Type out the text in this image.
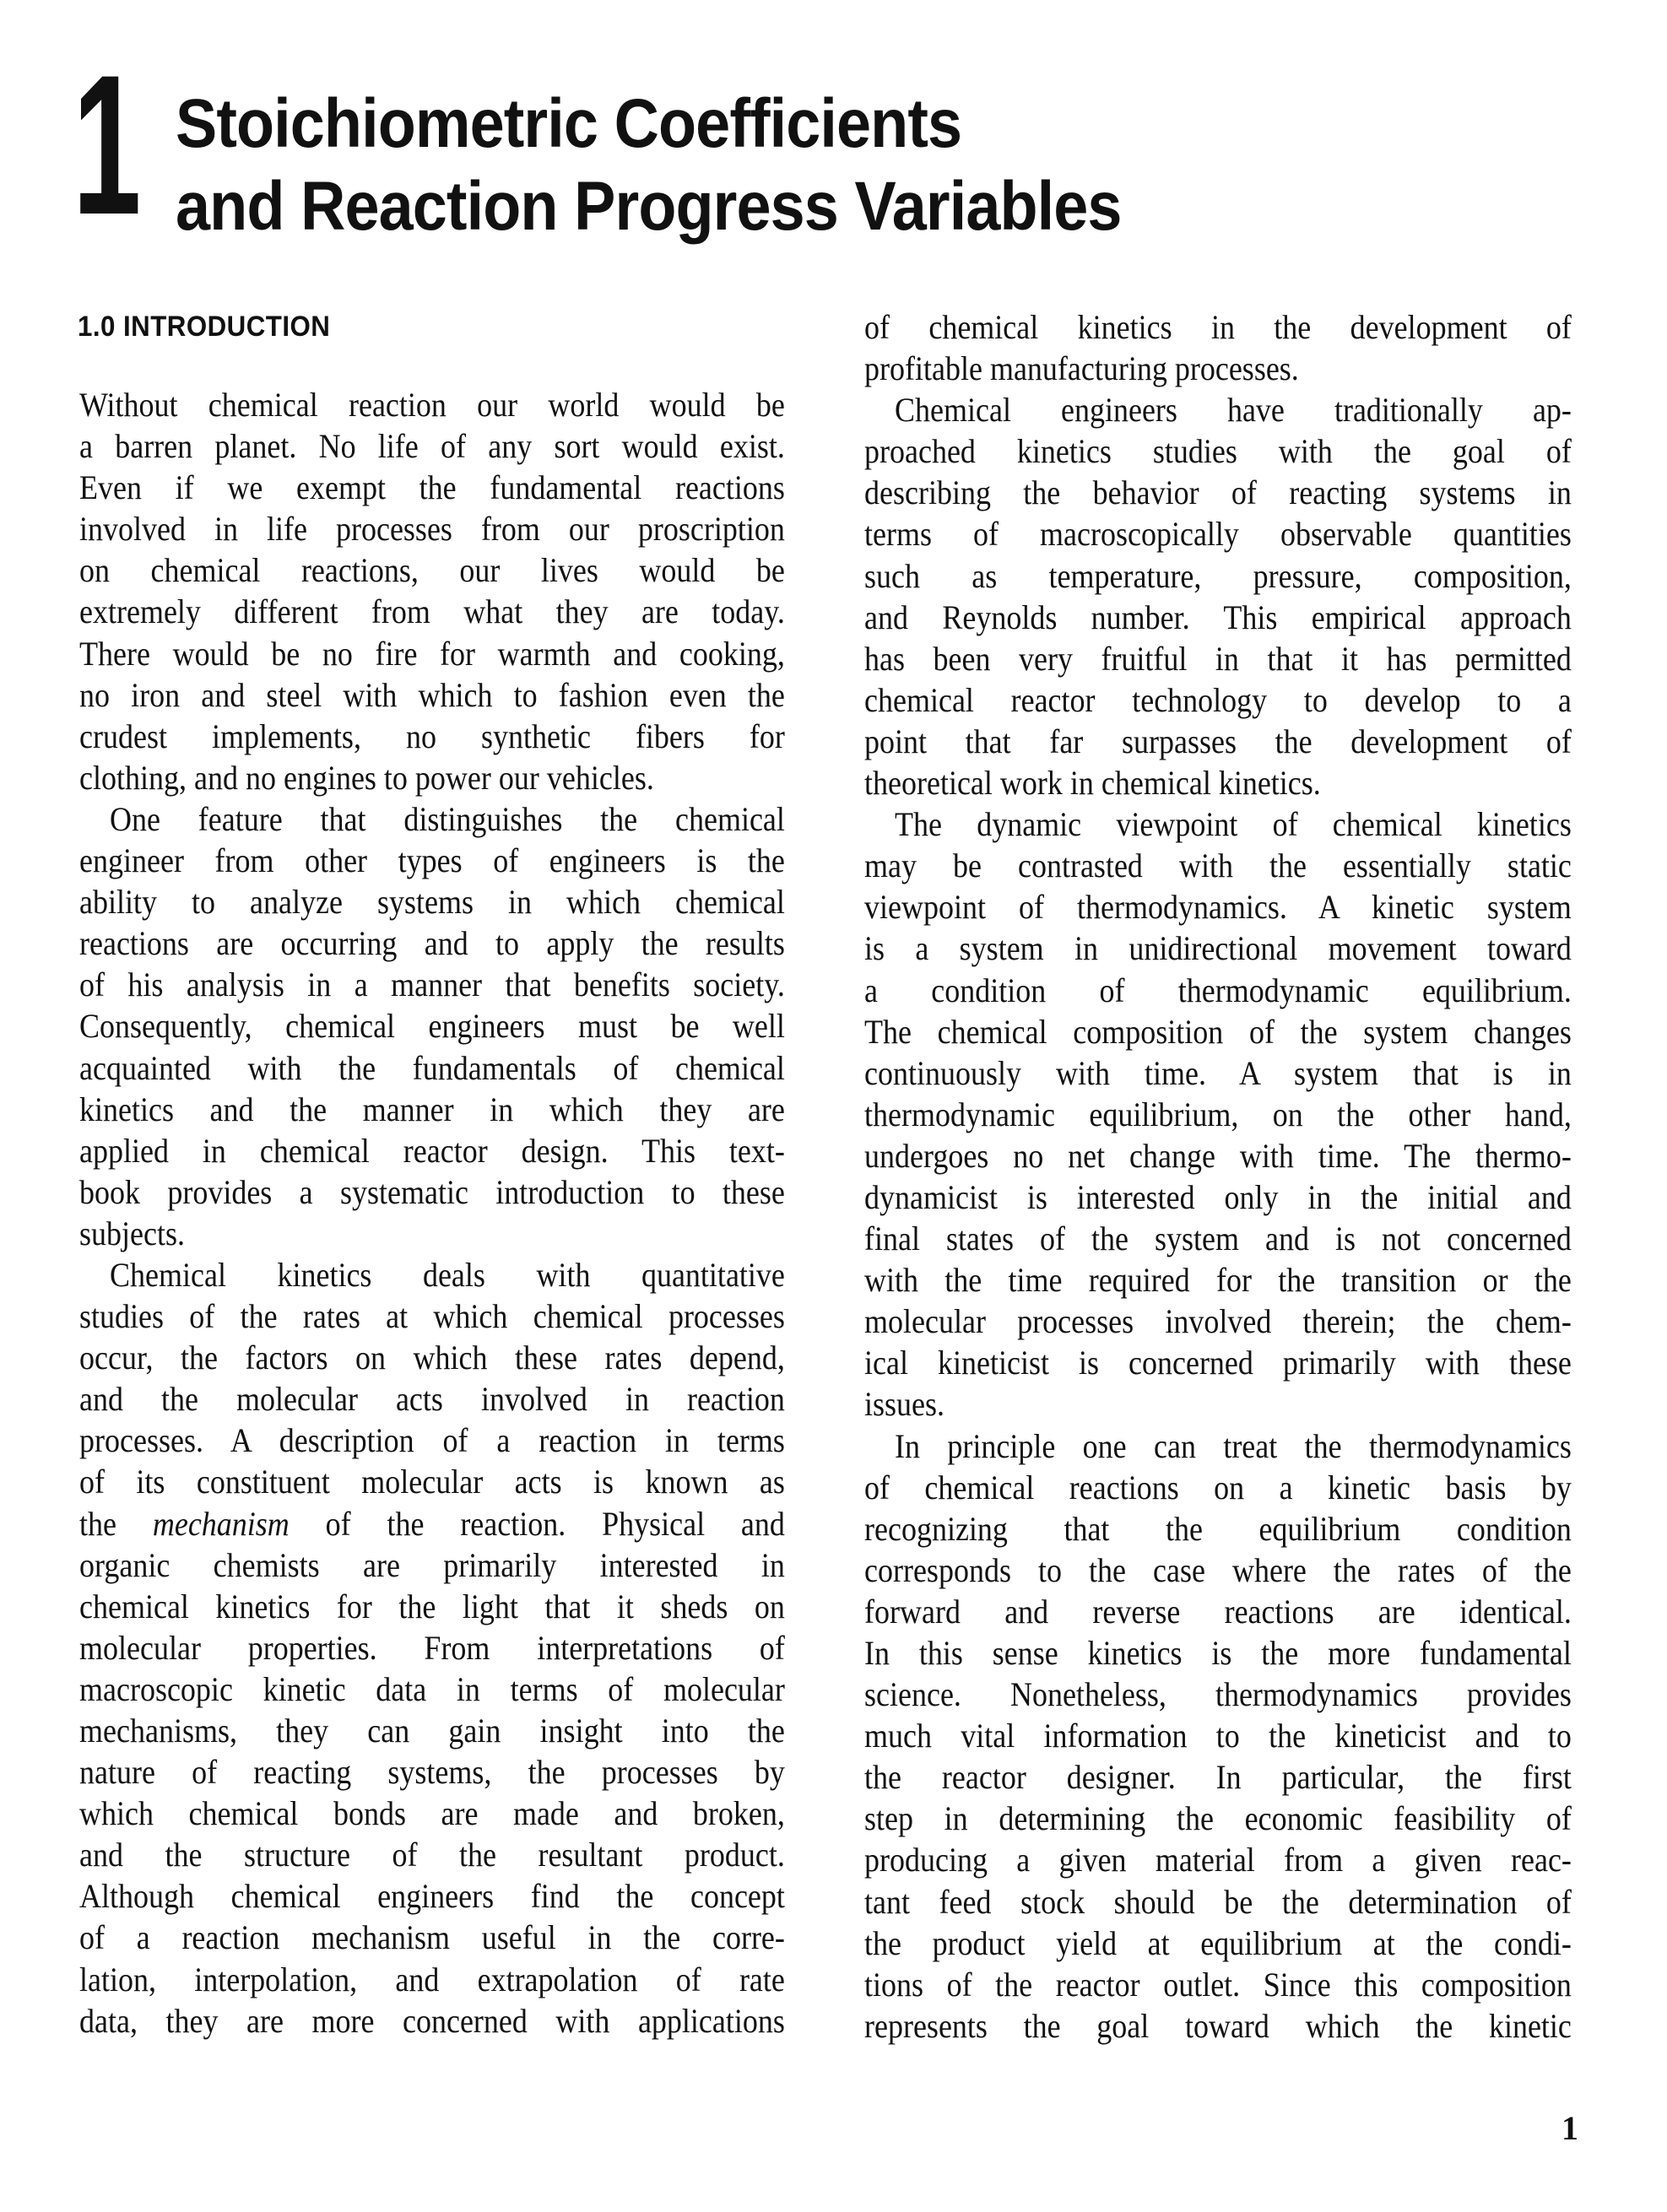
1 Stoichiometric Coefficients
and Reaction Progress Variables
1.0 INTRODUCTION
Without chemical reaction our world would be
a barren planet. No life of any sort would exist.
Even if we exempt the fundamental reactions
involved in life processes from our proscription
on chemical reactions, our lives would be
extremely different from what they are today.
There would be no fire for warmth and cooking,
no iron and steel with which to fashion even the
crudest implements, no synthetic fibers for
clothing, and no engines to power our vehicles.
One feature that distinguishes the chemical
engineer from other types of engineers is the
ability to analyze systems in which chemical
reactions are occurring and to apply the results
of his analysis in a manner that benefits society.
Consequently, chemical engineers must be well
acquainted with the fundamentals of chemical
kinetics and the manner in which they are
applied in chemical reactor design. This text-
book provides a systematic introduction to these
subjects.
Chemical kinetics deals with quantitative
studies of the rates at which chemical processes
occur, the factors on which these rates depend,
and the molecular acts involved in reaction
processes. A description of a reaction in terms
of its constituent molecular acts is known as
the mechanism of the reaction. Physical and
organic chemists are primarily interested in
chemical kinetics for the light that it sheds on
molecular properties. From interpretations of
macroscopic kinetic data in terms of molecular
mechanisms, they can gain insight into the
nature of reacting systems, the processes by
which chemical bonds are made and broken,
and the structure of the resultant product.
Although chemical engineers find the concept
of a reaction mechanism useful in the corre-
lation, interpolation, and extrapolation of rate
data, they are more concerned with applications
of chemical kinetics in the development of
profitable manufacturing processes.
Chemical engineers have traditionally ap-
proached kinetics studies with the goal of
describing the behavior of reacting systems in
terms of macroscopically observable quantities
such as temperature, pressure, composition,
and Reynolds number. This empirical approach
has been very fruitful in that it has permitted
chemical reactor technology to develop to a
point that far surpasses the development of
theoretical work in chemical kinetics.
The dynamic viewpoint of chemical kinetics
may be contrasted with the essentially static
viewpoint of thermodynamics. A kinetic system
is a system in unidirectional movement toward
a condition of thermodynamic equilibrium.
The chemical composition of the system changes
continuously with time. A system that is in
thermodynamic equilibrium, on the other hand,
undergoes no net change with time. The thermo-
dynamicist is interested only in the initial and
final states of the system and is not concerned
with the time required for the transition or the
molecular processes involved therein; the chem-
ical kineticist is concerned primarily with these
issues.
In principle one can treat the thermodynamics
of chemical reactions on a kinetic basis by
recognizing that the equilibrium condition
corresponds to the case where the rates of the
forward and reverse reactions are identical.
In this sense kinetics is the more fundamental
science. Nonetheless, thermodynamics provides
much vital information to the kineticist and to
the reactor designer. In particular, the first
step in determining the economic feasibility of
producing a given material from a given reac-
tant feed stock should be the determination of
the product yield at equilibrium at the condi-
tions of the reactor outlet. Since this composition
represents the goal toward which the kinetic
1
